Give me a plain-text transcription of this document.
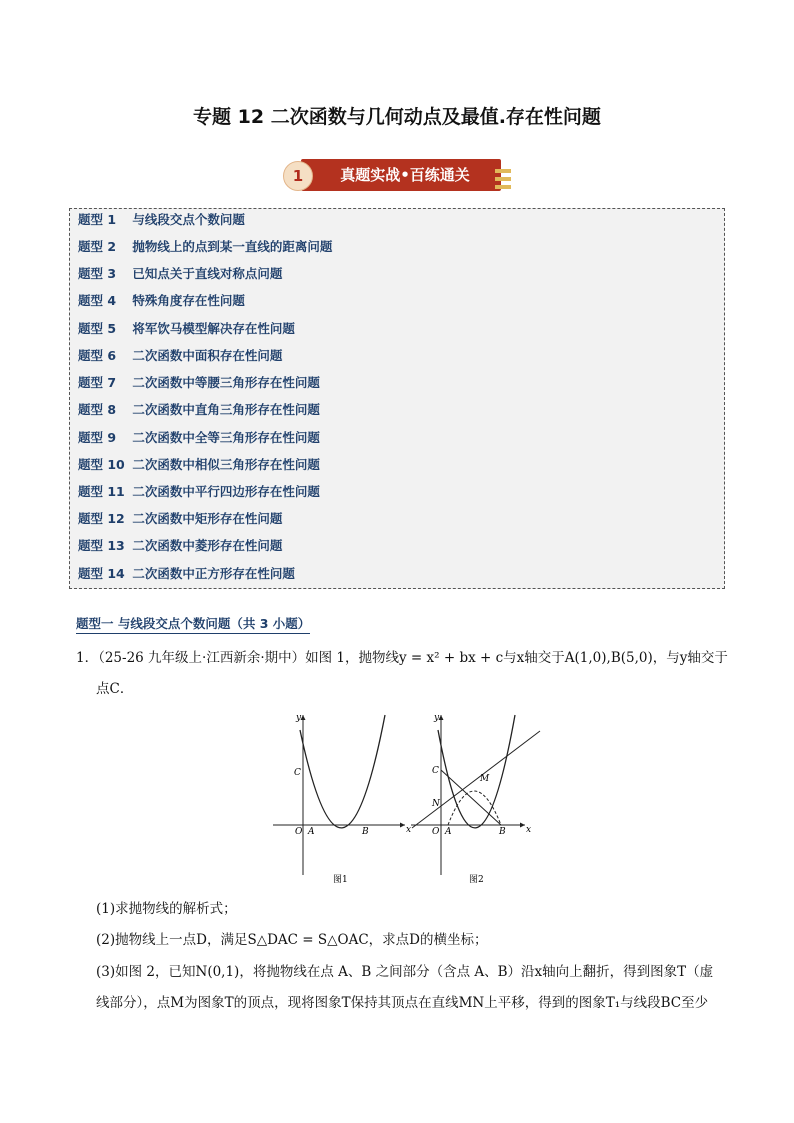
专题 12 二次函数与几何动点及最值.存在性问题
真题实战•百练通关
1
题型 1 与线段交点个数问题
题型 2 抛物线上的点到某一直线的距离问题
题型 3 已知点关于直线对称点问题
题型 4 特殊角度存在性问题
题型 5 将军饮马模型解决存在性问题
题型 6 二次函数中面积存在性问题
题型 7 二次函数中等腰三角形存在性问题
题型 8 二次函数中直角三角形存在性问题
题型 9 二次函数中全等三角形存在性问题
题型 10 二次函数中相似三角形存在性问题
题型 11 二次函数中平行四边形存在性问题
题型 12 二次函数中矩形存在性问题
题型 13 二次函数中菱形存在性问题
题型 14 二次函数中正方形存在性问题
题型一 与线段交点个数问题（共 3 小题）
1．（25-26 九年级上·江西新余·期中）如图 1，抛物线y = x² + bx + c与x轴交于A(1,0),B(5,0)，与y轴交于
点C．
y
x
O A	B
C
图1
y
x
O A	B
C
N
M
图2
(1)求抛物线的解析式；
(2)抛物线上一点D，满足S△DAC = S△OAC，求点D的横坐标；
(3)如图 2，已知N(0,1)，将抛物线在点 A、B 之间部分（含点 A、B）沿x轴向上翻折，得到图象T（虚
线部分），点M为图象T的顶点，现将图象T保持其顶点在直线MN上平移，得到的图象T₁与线段BC至少
